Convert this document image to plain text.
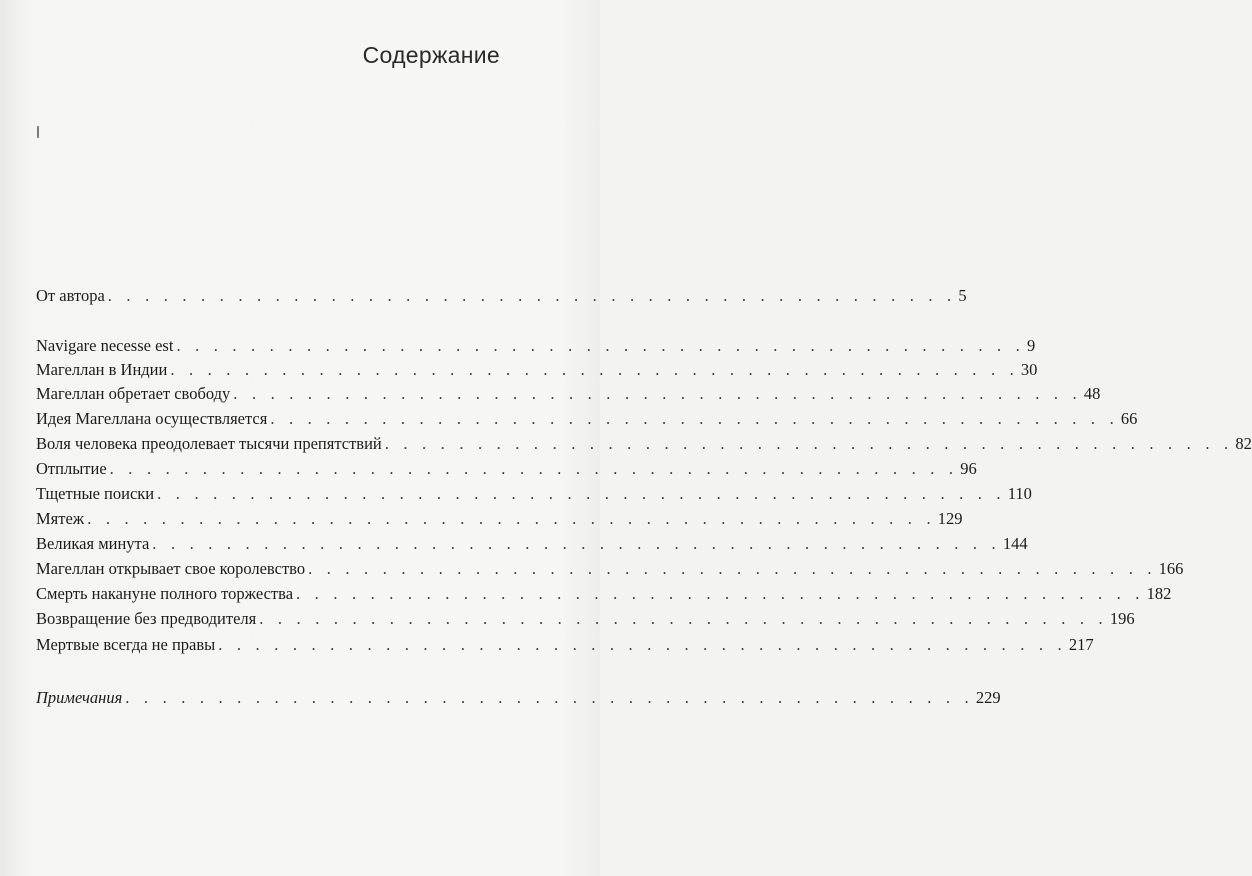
Содержание
От автора . . . . . . . . . . . . . . . . . . . . . . . . . . . . . . . . . . . . . . . . . . . . . . 5
Navigare necesse est . . . . . . . . . . . . . . . . . . . . . . . . . . . . . . . . . . . . . . . . . . . . . . 9
Магеллан в Индии . . . . . . . . . . . . . . . . . . . . . . . . . . . . . . . . . . . . . . . . . . . . . . 30
Магеллан обретает свободу . . . . . . . . . . . . . . . . . . . . . . . . . . . . . . . . . . . . . . . . . . . . . . 48
Идея Магеллана осуществляется . . . . . . . . . . . . . . . . . . . . . . . . . . . . . . . . . . . . . . . . . . . . . . 66
Воля человека преодолевает тысячи препятствий . . . . . . . . . . . . . . . . . . . . . . . . . . . . . . . . . . . . . . . . . . . . . . 82
Отплытие . . . . . . . . . . . . . . . . . . . . . . . . . . . . . . . . . . . . . . . . . . . . . . 96
Тщетные поиски . . . . . . . . . . . . . . . . . . . . . . . . . . . . . . . . . . . . . . . . . . . . . . 110
Мятеж . . . . . . . . . . . . . . . . . . . . . . . . . . . . . . . . . . . . . . . . . . . . . . 129
Великая минута . . . . . . . . . . . . . . . . . . . . . . . . . . . . . . . . . . . . . . . . . . . . . . 144
Магеллан открывает свое королевство . . . . . . . . . . . . . . . . . . . . . . . . . . . . . . . . . . . . . . . . . . . . . . 166
Смерть накануне полного торжества . . . . . . . . . . . . . . . . . . . . . . . . . . . . . . . . . . . . . . . . . . . . . . 182
Возвращение без предводителя . . . . . . . . . . . . . . . . . . . . . . . . . . . . . . . . . . . . . . . . . . . . . . 196
Мертвые всегда не правы . . . . . . . . . . . . . . . . . . . . . . . . . . . . . . . . . . . . . . . . . . . . . . 217
Примечания . . . . . . . . . . . . . . . . . . . . . . . . . . . . . . . . . . . . . . . . . . . . . . 229
